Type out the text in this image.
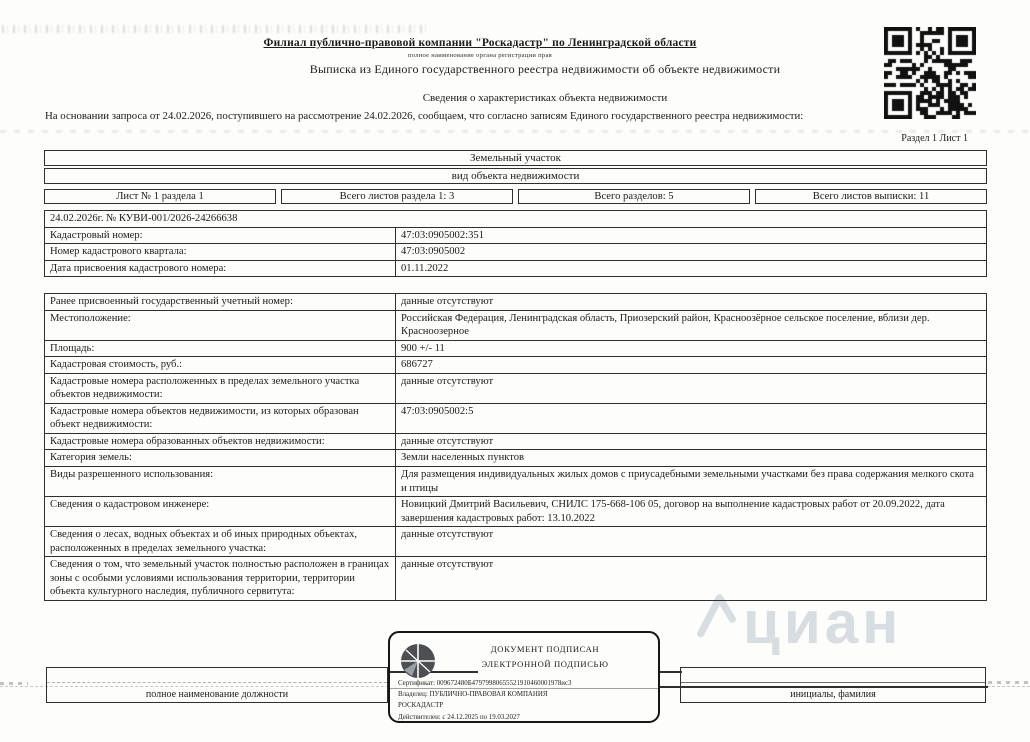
циан
Филиал публично-правовой компании "Роскадастр" по Ленинградской области
полное наименование органа регистрации прав
Выписка из Единого государственного реестра недвижимости об объекте недвижимости
Сведения о характеристиках объекта недвижимости
На основании запроса от 24.02.2026, поступившего на рассмотрение 24.02.2026, сообщаем, что согласно записям Единого государственного реестра недвижимости:
Раздел 1 Лист 1
Земельный участок
вид объекта недвижимости
Лист № 1 раздела 1	Всего листов раздела 1: 3	Всего разделов: 5	Всего листов выписки: 11
24.02.2026г. № КУВИ-001/2026-24266638
Кадастровый номер:	47:03:0905002:351
Номер кадастрового квартала:	47:03:0905002
Дата присвоения кадастрового номера:	01.11.2022
Ранее присвоенный государственный учетный номер:	данные отсутствуют
Местоположение:	Российская Федерация, Ленинградская область, Приозерский район, Красноозёрное сельское поселение, вблизи дер. Красноозерное
Площадь:	900 +/- 11
Кадастровая стоимость, руб.:	686727
Кадастровые номера расположенных в пределах земельного участка объектов недвижимости:
данные отсутствуют
Кадастровые номера объектов недвижимости, из которых образован объект недвижимости:
47:03:0905002:5
Кадастровые номера образованных объектов недвижимости:	данные отсутствуют
Категория земель:	Земли населенных пунктов
Виды разрешенного использования:	Для размещения индивидуальных жилых домов с приусадебными земельными участками без права содержания мелкого скота и птицы
Сведения о кадастровом инженере:	Новицкий Дмитрий Васильевич, СНИЛС 175-668-106 05, договор на выполнение кадастровых работ от 20.09.2022, дата завершения кадастровых работ: 13.10.2022
Сведения о лесах, водных объектах и об иных природных объектах, расположенных в пределах земельного участка:
данные отсутствуют
Сведения о том, что земельный участок полностью расположен в границах зоны с особыми условиями использования территории, территории объекта культурного наследия, публичного сервитута:
данные отсутствуют
полное наименование должности	инициалы, фамилия
ДОКУМЕНТ ПОДПИСАН
ЭЛЕКТРОННОЙ ПОДПИСЬЮ
Сертификат: 009672480Б47979980655521910460001978ис3
Владелец: ПУБЛИЧНО-ПРАВОВАЯ КОМПАНИЯ
РОСКАДАСТР
Действителен: с 24.12.2025 по 19.03.2027
